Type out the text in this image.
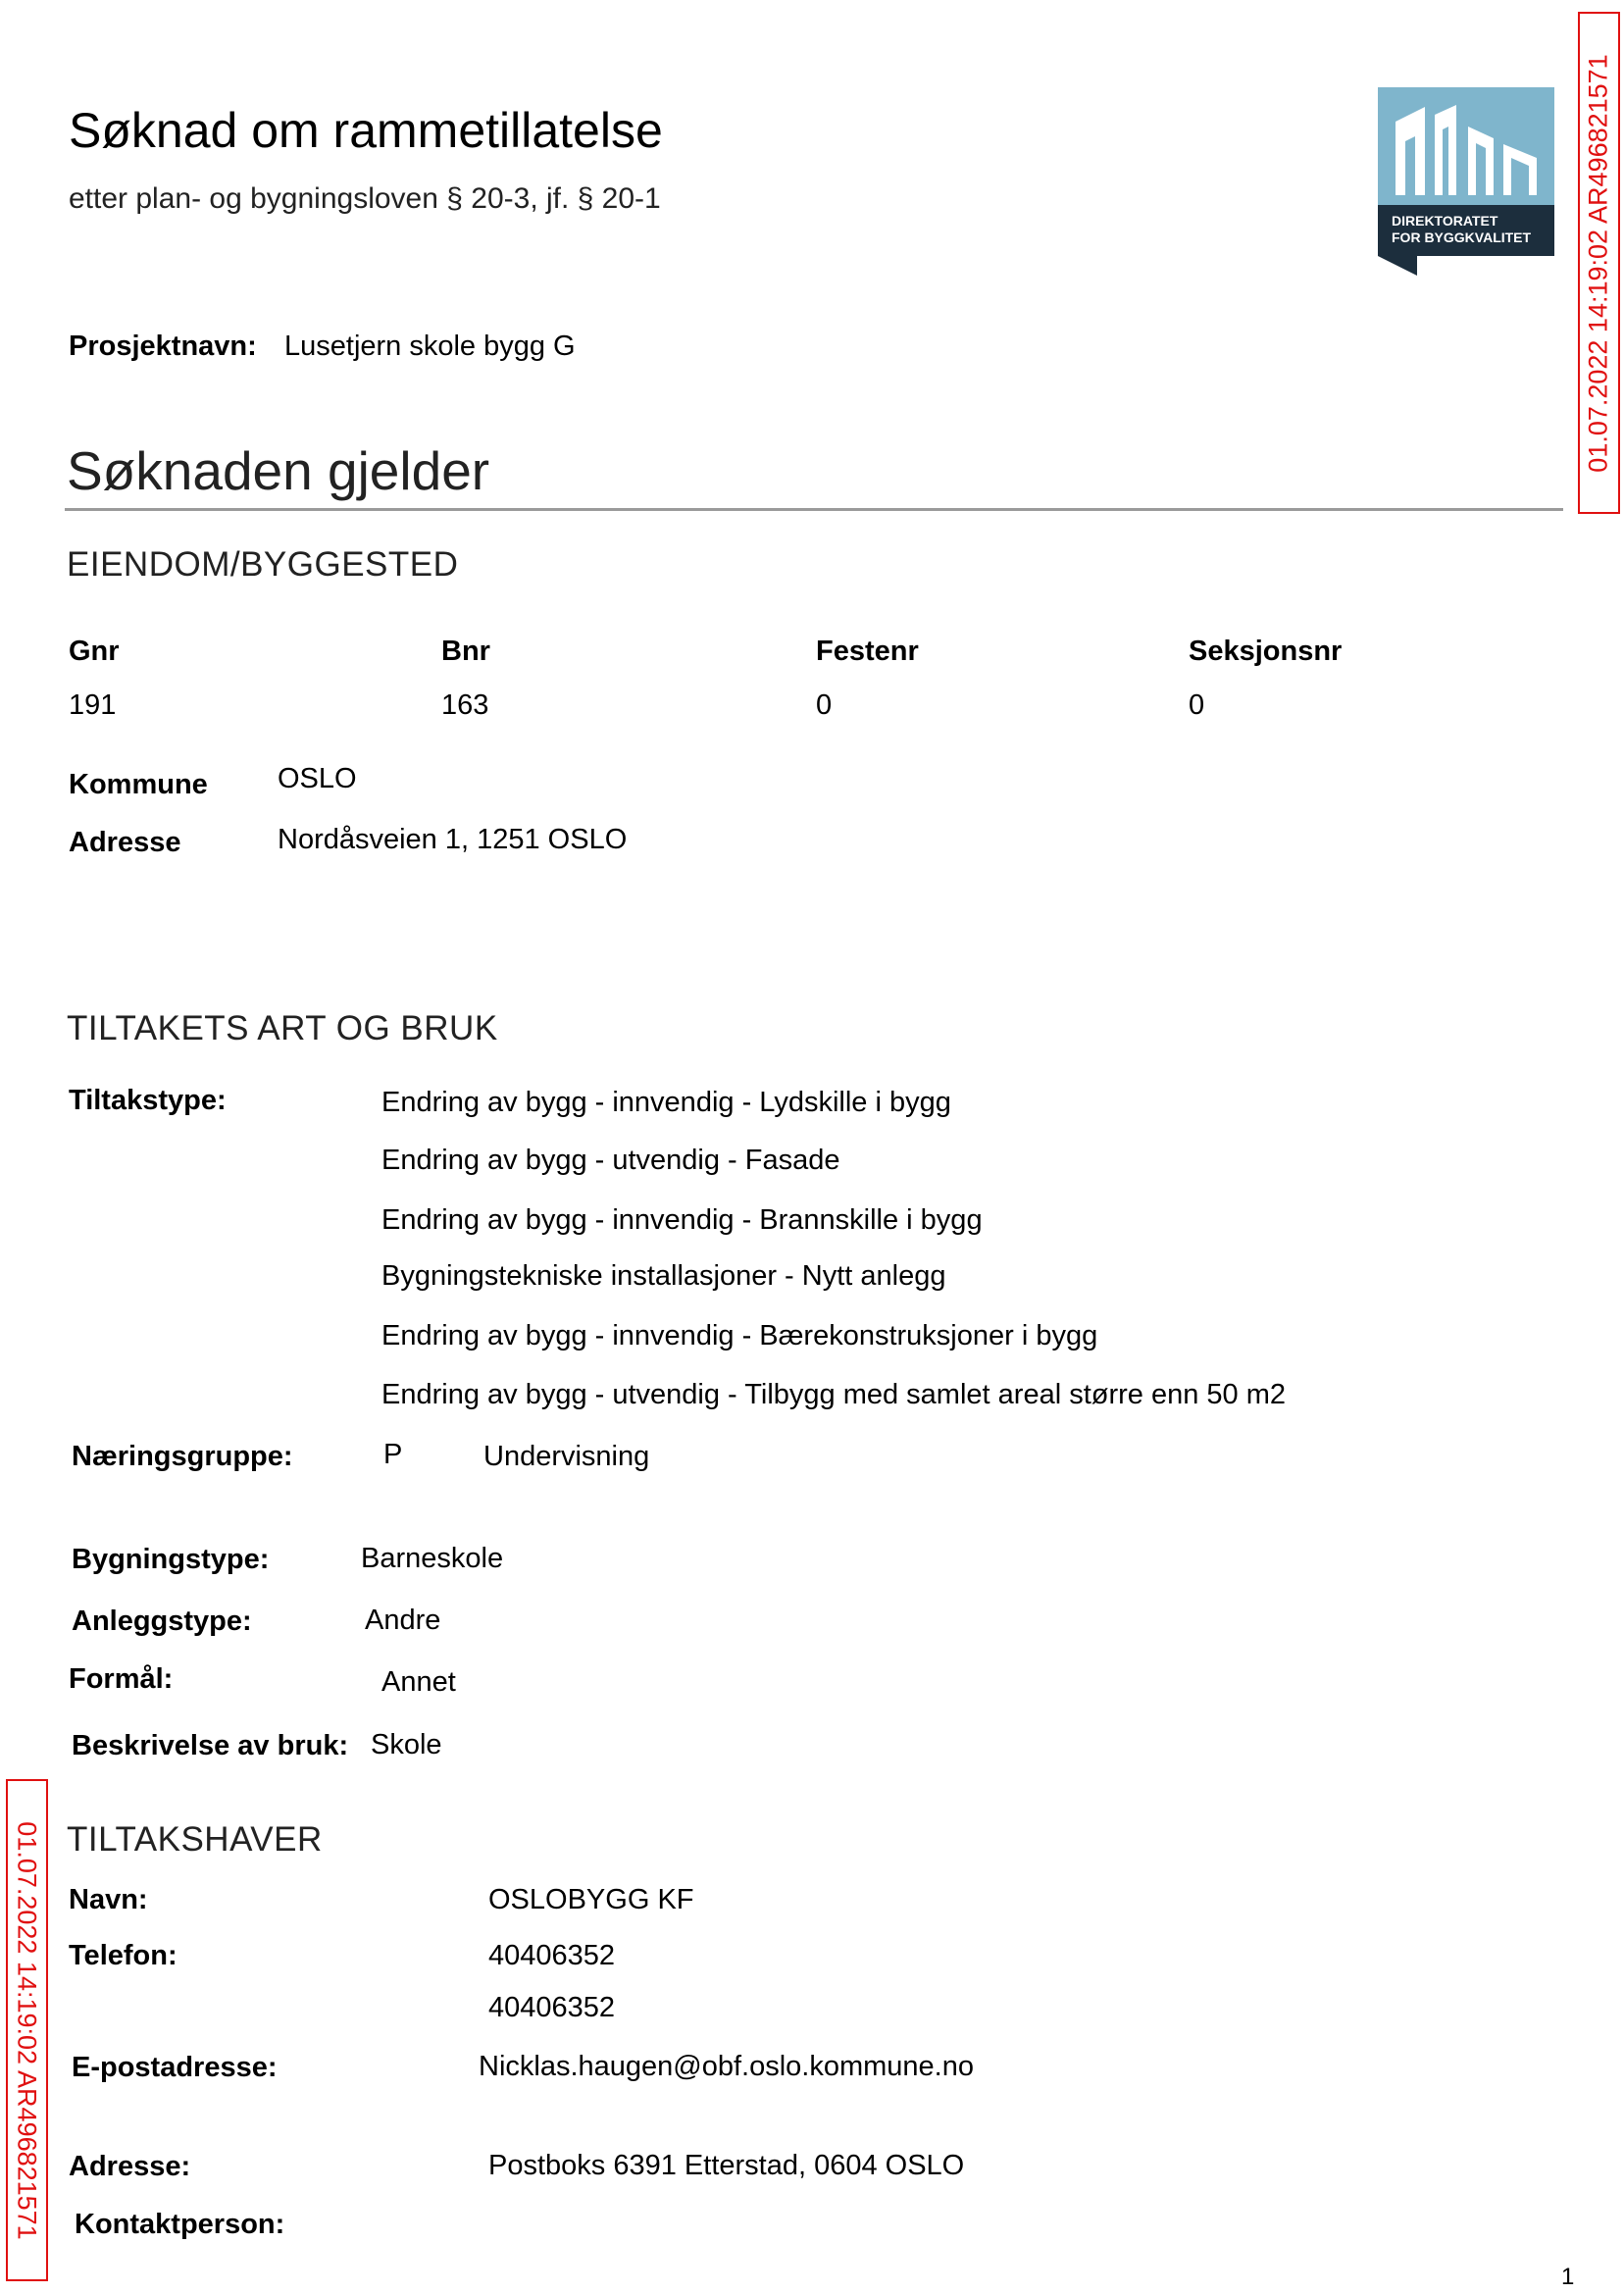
Søknad om rammetillatelse
etter plan- og bygningsloven § 20-3, jf. § 20-1
DIREKTORATET
FOR BYGGKVALITET 01.07.2022 14:19:02 AR496821571
01.07.2022 14:19:02 AR496821571
Prosjektnavn: Lusetjern skole bygg G
Søknaden gjelder
EIENDOM/BYGGESTED
Gnr	Bnr	Festenr	Seksjonsnr
191	163	0	0
Kommune OSLO
Adresse	Nordåsveien 1, 1251 OSLO
TILTAKETS ART OG BRUK
Tiltakstype:	Endring av bygg - innvendig - Lydskille i bygg
Endring av bygg - utvendig - Fasade
Endring av bygg - innvendig - Brannskille i bygg
Bygningstekniske installasjoner - Nytt anlegg
Endring av bygg - innvendig - Bærekonstruksjoner i bygg
Endring av bygg - utvendig - Tilbygg med samlet areal større enn 50 m2
Næringsgruppe:	P	Undervisning
Bygningstype:	Barneskole
Anleggstype:	Andre
Formål:	Annet
Beskrivelse av bruk: Skole
TILTAKSHAVER
Navn:	OSLOBYGG KF
Telefon:	40406352
40406352
E-postadresse:	Nicklas.haugen@obf.oslo.kommune.no
Adresse:	Postboks 6391 Etterstad, 0604 OSLO
Kontaktperson:
1
